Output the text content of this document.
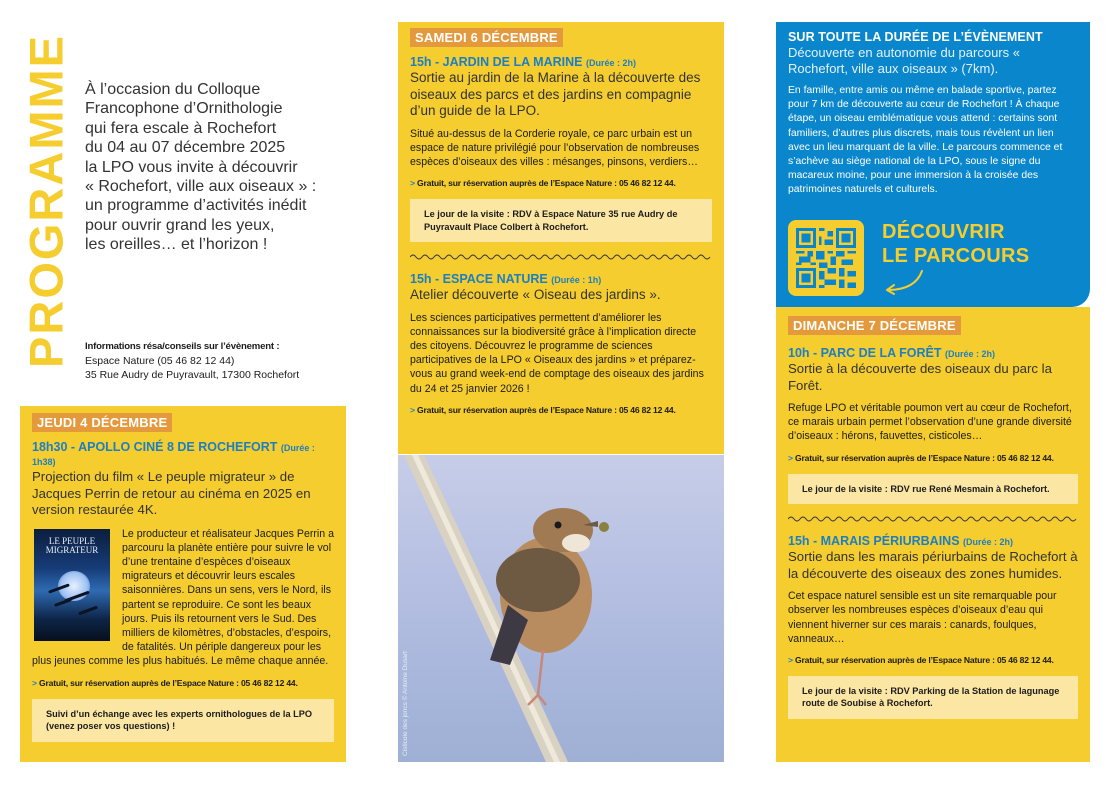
PROGRAMME À l’occasion du Colloque
Francophone d’Ornithologie
qui fera escale à Rochefort
du 04 au 07 décembre 2025
la LPO vous invite à découvrir
« Rochefort, ville aux oiseaux » :
un programme d’activités inédit
pour ouvrir grand les yeux,
les oreilles… et l’horizon !
Informations résa/conseils sur l’évènement :
Espace Nature (05 46 82 12 44)
35 Rue Audry de Puyravault, 17300 Rochefort
JEUDI 4 DÉCEMBRE
18h30 - APOLLO CINÉ 8 DE ROCHEFORT (Durée : 1h38)
Projection du film « Le peuple migrateur » de Jacques Perrin de retour au cinéma en 2025 en version restaurée 4K.
LE PEUPLE
MIGRATEUR
Le producteur et réalisateur Jacques Perrin a parcouru la planète entière pour suivre le vol d’une trentaine d’espèces d’oiseaux migrateurs et découvrir leurs escales saisonnières. Dans un sens, vers le Nord, ils partent se reproduire. Ce sont les beaux jours. Puis ils retournent vers le Sud. Des milliers de kilomètres, d’obstacles, d’espoirs, de fatalités. Un périple dangereux pour les plus jeunes comme les plus habitués. Le même chaque année.
> Gratuit, sur réservation auprès de l’Espace Nature : 05 46 82 12 44.
Suivi d’un échange avec les experts ornithologues de la LPO (venez poser vos questions) !
SAMEDI 6 DÉCEMBRE
15h - JARDIN DE LA MARINE (Durée : 2h)
Sortie au jardin de la Marine à la découverte des oiseaux des parcs et des jardins en compagnie d’un guide de la LPO.
Situé au-dessus de la Corderie royale, ce parc urbain est un espace de nature privilégié pour l’observation de nombreuses espèces d’oiseaux des villes : mésanges, pinsons, verdiers…
> Gratuit, sur réservation auprès de l’Espace Nature : 05 46 82 12 44.
Le jour de la visite : RDV à Espace Nature 35 rue Audry de Puyravault Place Colbert à Rochefort.
15h - ESPACE NATURE (Durée : 1h)
Atelier découverte « Oiseau des jardins ».
Les sciences participatives permettent d’améliorer les connaissances sur la biodiversité grâce à l’implication directe des citoyens. Découvrez le programme de sciences participatives de la LPO « Oiseaux des jardins » et préparez-vous au grand week-end de comptage des oiseaux des jardins du 24 et 25 janvier 2026 !
> Gratuit, sur réservation auprès de l’Espace Nature : 05 46 82 12 44.
Cisticole des joncs © Antoine Dusart
SUR TOUTE LA DURÉE DE L’ÉVÈNEMENT
Découverte en autonomie du parcours « Rochefort, ville aux oiseaux » (7km).
En famille, entre amis ou même en balade sportive, partez pour 7 km de découverte au cœur de Rochefort ! À chaque étape, un oiseau emblématique vous attend : certains sont familiers, d’autres plus discrets, mais tous révèlent un lien avec un lieu marquant de la ville. Le parcours commence et s’achève au siège national de la LPO, sous le signe du macareux moine, pour une immersion à la croisée des patrimoines naturels et culturels.
DÉCOUVRIR
LE PARCOURS
DIMANCHE 7 DÉCEMBRE
10h - PARC DE LA FORÊT (Durée : 2h)
Sortie à la découverte des oiseaux du parc la Forêt.
Refuge LPO et véritable poumon vert au cœur de Rochefort, ce marais urbain permet l’observation d’une grande diversité d’oiseaux : hérons, fauvettes, cisticoles…
> Gratuit, sur réservation auprès de l’Espace Nature : 05 46 82 12 44.
Le jour de la visite : RDV rue René Mesmain à Rochefort.
15h - MARAIS PÉRIURBAINS (Durée : 2h)
Sortie dans les marais périurbains de Rochefort à la découverte des oiseaux des zones humides.
Cet espace naturel sensible est un site remarquable pour observer les nombreuses espèces d’oiseaux d’eau qui viennent hiverner sur ces marais : canards, foulques, vanneaux…
> Gratuit, sur réservation auprès de l’Espace Nature : 05 46 82 12 44.
Le jour de la visite : RDV Parking de la Station de lagunage route de Soubise à Rochefort.
